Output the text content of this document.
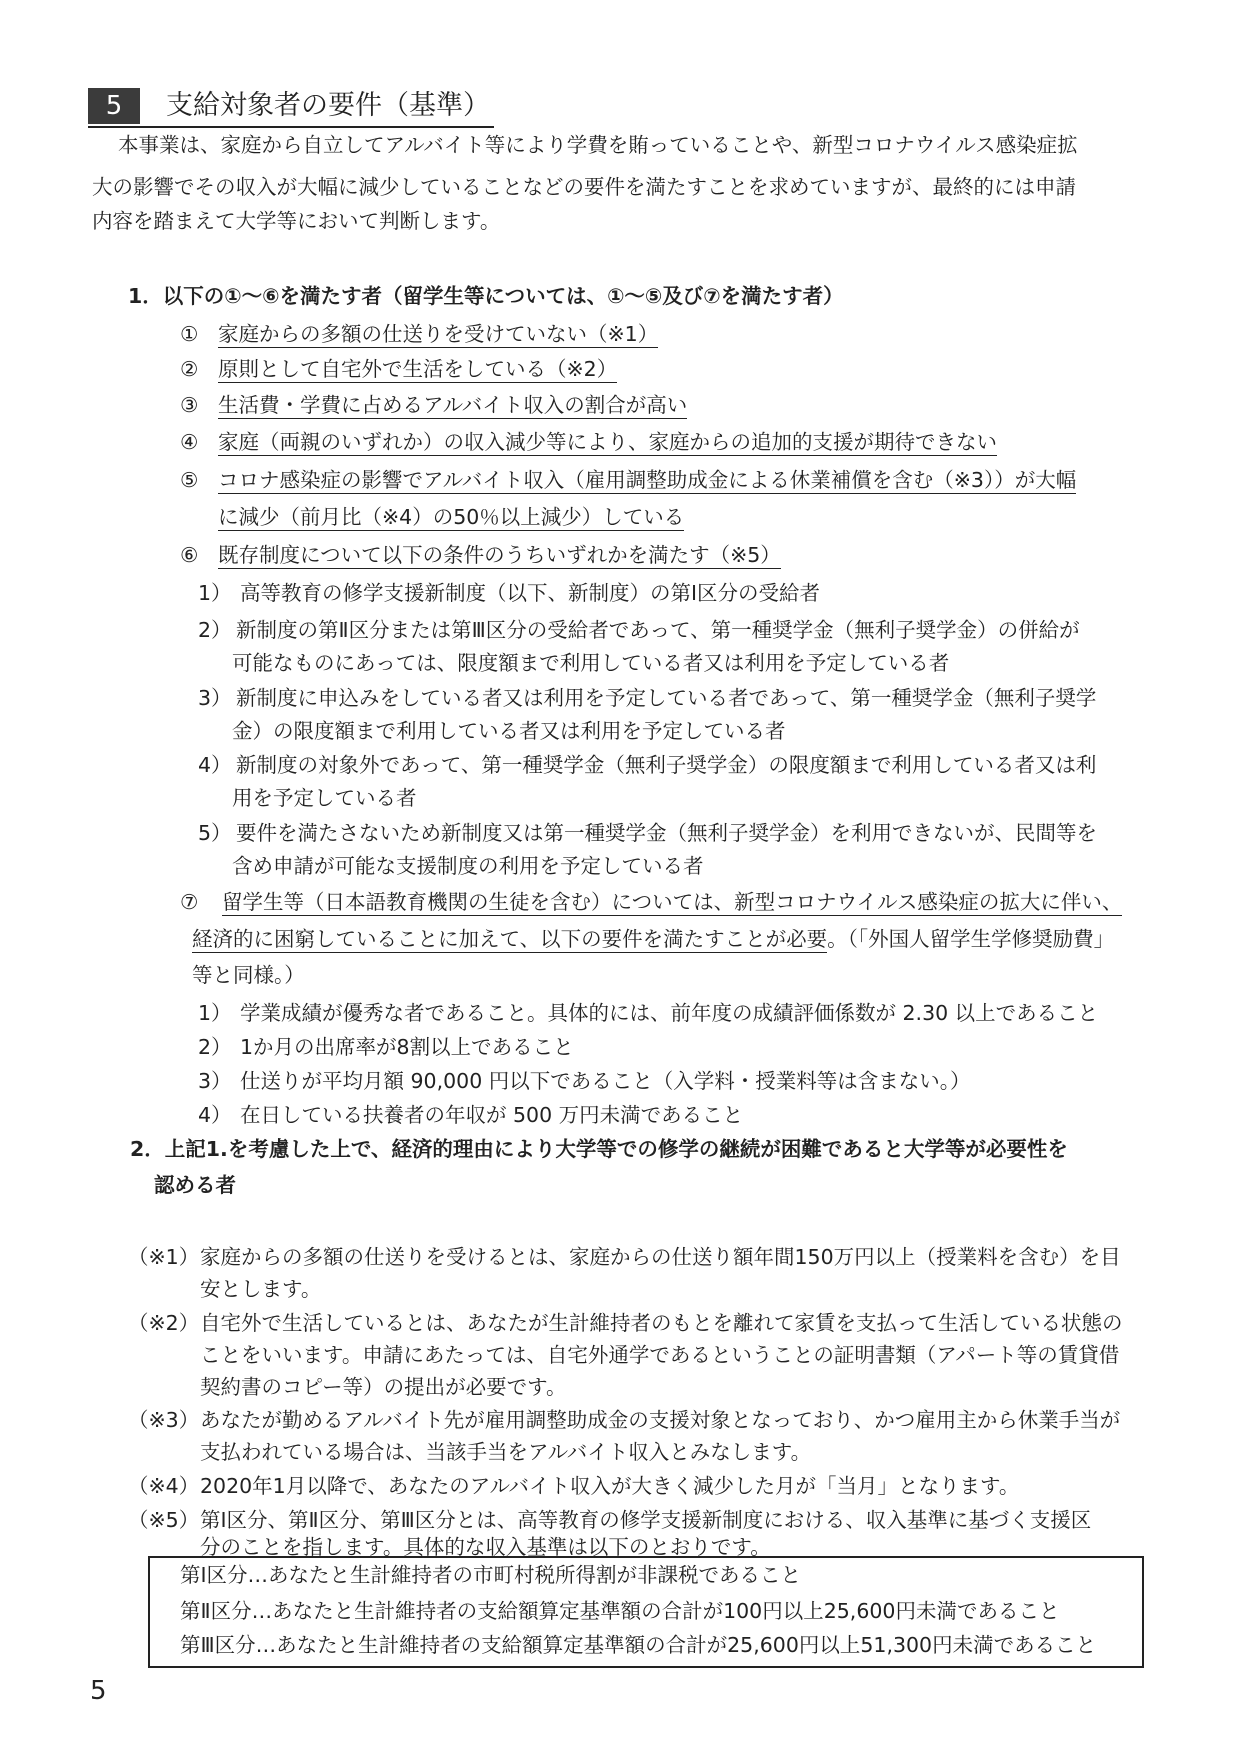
5	支給対象者の要件（基準）
本事業は、家庭から自立してアルバイト等により学費を賄っていることや、新型コロナウイルス感染症拡
大の影響でその収入が大幅に減少していることなどの要件を満たすことを求めていますが、最終的には申請
内容を踏まえて大学等において判断します。
1．以下の①〜⑥を満たす者（留学生等については、①〜⑤及び⑦を満たす者）
① 家庭からの多額の仕送りを受けていない（※1）
② 原則として自宅外で生活をしている（※2）
③ 生活費・学費に占めるアルバイト収入の割合が高い
④ 家庭（両親のいずれか）の収入減少等により、家庭からの追加的支援が期待できない
⑤ コロナ感染症の影響でアルバイト収入（雇用調整助成金による休業補償を含む（※3））が大幅
に減少（前月比（※4）の50％以上減少）している
⑥ 既存制度について以下の条件のうちいずれかを満たす（※5）
1） 高等教育の修学支援新制度（以下、新制度）の第Ⅰ区分の受給者
2） 新制度の第Ⅱ区分または第Ⅲ区分の受給者であって、第一種奨学金（無利子奨学金）の併給が
可能なものにあっては、限度額まで利用している者又は利用を予定している者
3） 新制度に申込みをしている者又は利用を予定している者であって、第一種奨学金（無利子奨学
金）の限度額まで利用している者又は利用を予定している者
4） 新制度の対象外であって、第一種奨学金（無利子奨学金）の限度額まで利用している者又は利
用を予定している者
5） 要件を満たさないため新制度又は第一種奨学金（無利子奨学金）を利用できないが、民間等を
含め申請が可能な支援制度の利用を予定している者
⑦ 留学生等（日本語教育機関の生徒を含む）については、新型コロナウイルス感染症の拡大に伴い、
経済的に困窮していることに加えて、以下の要件を満たすことが必要。（「外国人留学生学修奨励費」
等と同様。）
1） 学業成績が優秀な者であること。具体的には、前年度の成績評価係数が 2.30 以上であること
2） 1か月の出席率が8割以上であること
3） 仕送りが平均月額 90,000 円以下であること（入学料・授業料等は含まない。）
4） 在日している扶養者の年収が 500 万円未満であること
2．上記1.を考慮した上で、経済的理由により大学等での修学の継続が困難であると大学等が必要性を
認める者
（※1） 家庭からの多額の仕送りを受けるとは、家庭からの仕送り額年間150万円以上（授業料を含む）を目
安とします。
（※2） 自宅外で生活しているとは、あなたが生計維持者のもとを離れて家賃を支払って生活している状態の
ことをいいます。申請にあたっては、自宅外通学であるということの証明書類（アパート等の賃貸借
契約書のコピー等）の提出が必要です。
（※3） あなたが勤めるアルバイト先が雇用調整助成金の支援対象となっており、かつ雇用主から休業手当が
支払われている場合は、当該手当をアルバイト収入とみなします。
（※4） 2020年1月以降で、あなたのアルバイト収入が大きく減少した月が「当月」となります。
（※5） 第Ⅰ区分、第Ⅱ区分、第Ⅲ区分とは、高等教育の修学支援新制度における、収入基準に基づく支援区
分のことを指します。具体的な収入基準は以下のとおりです。
第Ⅰ区分…あなたと生計維持者の市町村税所得割が非課税であること
第Ⅱ区分…あなたと生計維持者の支給額算定基準額の合計が100円以上25,600円未満であること
第Ⅲ区分…あなたと生計維持者の支給額算定基準額の合計が25,600円以上51,300円未満であること
5
